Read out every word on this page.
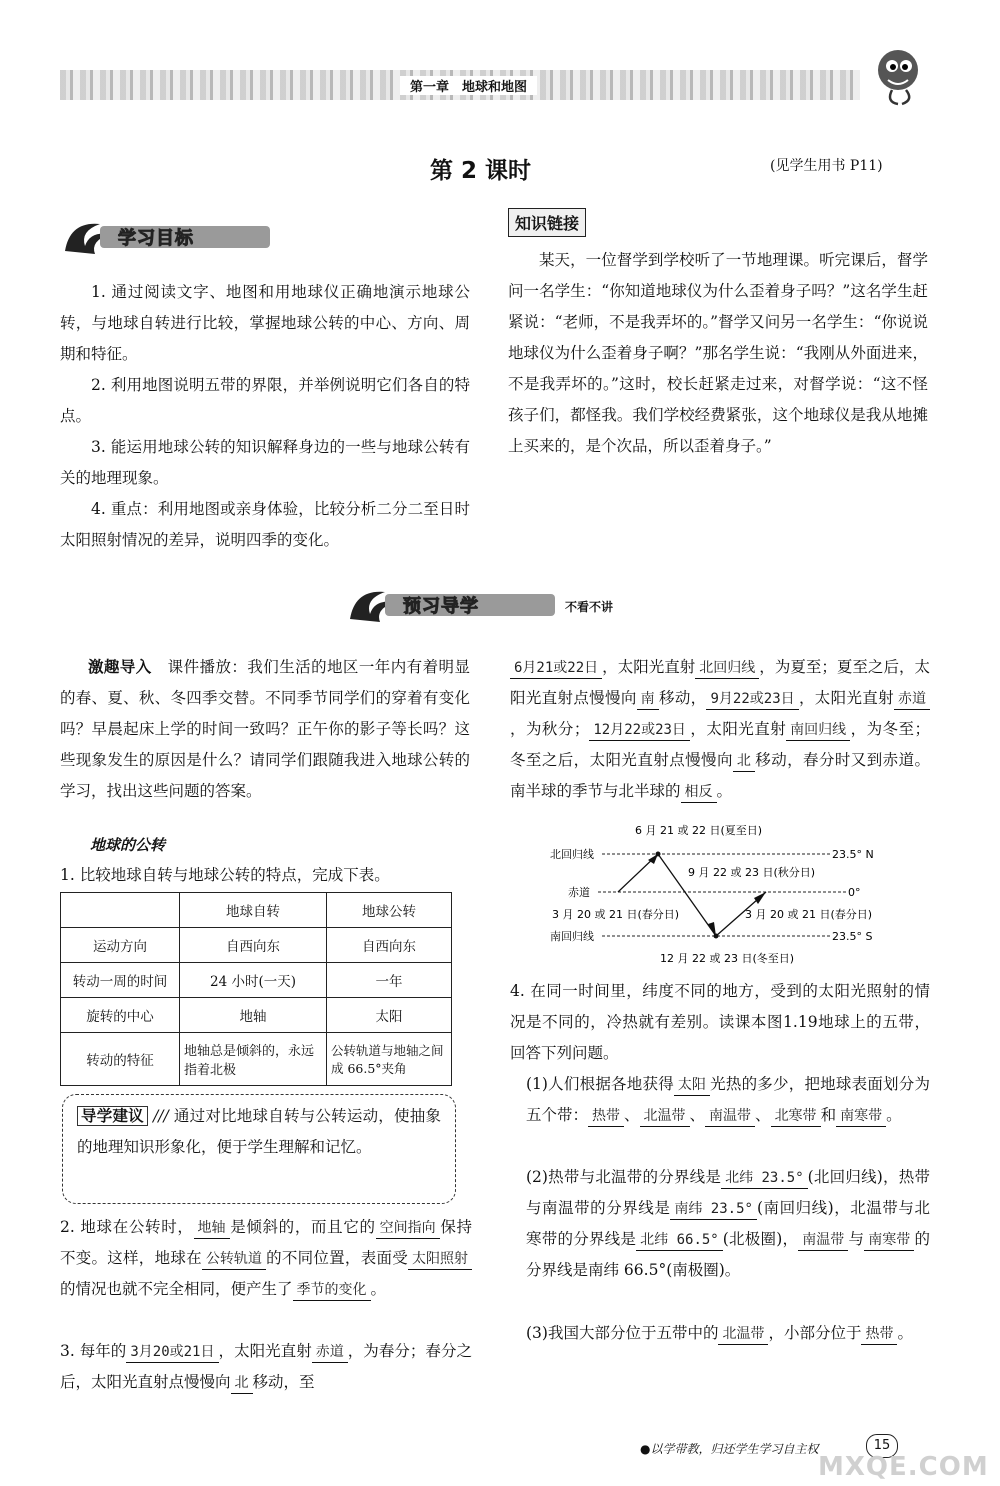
第一章　地球和地图
第 2 课时	(见学生用书 P11)
学习目标
1. 通过阅读文字、地图和用地球仪正确地演示地球公转，与地球自转进行比较，掌握地球公转的中心、方向、周期和特征。
2. 利用地图说明五带的界限，并举例说明它们各自的特点。
3. 能运用地球公转的知识解释身边的一些与地球公转有关的地理现象。
4. 重点：利用地图或亲身体验，比较分析二分二至日时太阳照射情况的差异，说明四季的变化。
知识链接
某天，一位督学到学校听了一节地理课。听完课后，督学问一名学生：“你知道地球仪为什么歪着身子吗？”这名学生赶紧说：“老师，不是我弄坏的。”督学又问另一名学生：“你说说地球仪为什么歪着身子啊？”那名学生说：“我刚从外面进来，不是我弄坏的。”这时，校长赶紧走过来，对督学说：“这不怪孩子们，都怪我。我们学校经费紧张，这个地球仪是我从地摊上买来的，是个次品，所以歪着身子。”
预习导学	不看不讲
激趣导入　 课件播放：我们生活的地区一年内有着明显的春、夏、秋、冬四季交替。不同季节同学们的穿着有变化吗？早晨起床上学的时间一致吗？正午你的影子等长吗？这些现象发生的原因是什么？请同学们跟随我进入地球公转的学习，找出这些问题的答案。
地球的公转
1. 比较地球自转与地球公转的特点，完成下表。
	地球自转	地球公转
运动方向	自西向东	自西向东
转动一周的时间	24 小时(一天)	一年
旋转的中心	地轴	太阳
转动的特征	地轴总是倾斜的，永远指着北极	公转轨道与地轴之间成 66.5°夹角
导学建议 /// 通过对比地球自转与公转运动，使抽象的地理知识形象化，便于学生理解和记忆。
2. 地球在公转时， 地轴 是倾斜的，而且它的 空间指向 保持不变。这样，地球在 公转轨道 的不同位置，表面受 太阳照射的情况也就不完全相同，便产生了 季节的变化 。
3. 每年的 3月20或21日 ，太阳光直射 赤道 ，为春分；春分之后，太阳光直射点慢慢向 北 移动，至
6月21或22日 ，太阳光直射 北回归线 ，为夏至；夏至之后，太阳光直射点慢慢向 南 移动， 9月22或23日 ，太阳光直射 赤道，为秋分； 12月22或23日 ，太阳光直射 南回归线 ，为冬至；冬至之后，太阳光直射点慢慢向 北 移动，春分时又到赤道。南半球的季节与北半球的 相反 。
6 月 21 或 22 日(夏至日)
北回归线	23.5° N
9 月 22 或 23 日(秋分日)
赤道	0°
3 月 20 或 21 日(春分日)	3 月 20 或 21 日(春分日)
南回归线	23.5° S
12 月 22 或 23 日(冬至日)
4. 在同一时间里，纬度不同的地方，受到的太阳光照射的情况是不同的，冷热就有差别。读课本图1.19地球上的五带，回答下列问题。
(1)人们根据各地获得 太阳 光热的多少，把地球表面划分为五个带： 热带 、 北温带 、 南温带 、 北寒带 和 南寒带 。
(2)热带与北温带的分界线是 北纬 23.5° (北回归线)，热带与南温带的分界线是 南纬 23.5° (南回归线)，北温带与北寒带的分界线是 北纬 66.5° (北极圈)， 南温带 与 南寒带 的分界线是南纬 66.5°(南极圈)。
(3)我国大部分位于五带中的 北温带 ，小部分位于 热带 。
●以学带教，归还学生学习自主权	15
MXQE.COM
